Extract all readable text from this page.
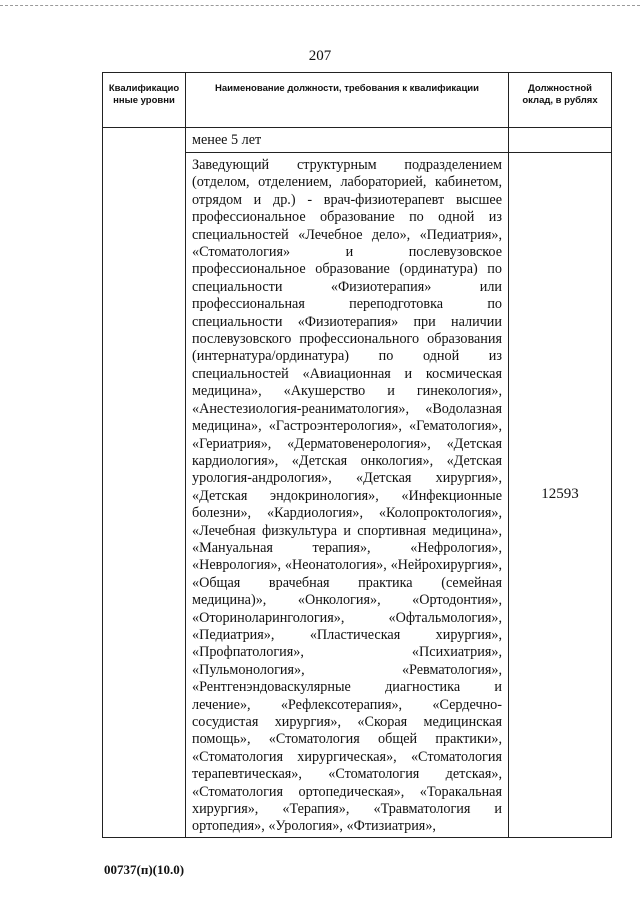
207
Квалификацио нные уровни	Наименование должности, требования к квалификации	Должностной оклад, в рублях

	менее 5 лет	

	Заведующий структурным подразделением (отделом, отделением, лабораторией, кабинетом, отрядом и др.) - врач-физиотерапевт высшее профессиональное образование по одной из специальностей «Лечебное дело», «Педиатрия», «Стоматология» и послевузовское профессиональное образование (ординатура) по специальности «Физиотерапия» или профессиональная переподготовка по специальности «Физиотерапия» при наличии послевузовского профессионального образования (интернатура/ординатура) по одной из специальностей «Авиационная и космическая медицина», «Акушерство и гинекология», «Анестезиология-реаниматология», «Водолазная медицина», «Гастроэнтерология», «Гематология», «Гериатрия», «Дерматовенерология», «Детская кардиология», «Детская онкология», «Детская урология-андрология», «Детская хирургия», «Детская эндокринология», «Инфекционные болезни», «Кардиология», «Колопроктология», «Лечебная физкультура и спортивная медицина», «Мануальная терапия», «Нефрология», «Неврология», «Неонатология», «Нейрохирургия», «Общая врачебная практика (семейная медицина)», «Онкология», «Ортодонтия», «Оториноларингология», «Офтальмология», «Педиатрия», «Пластическая хирургия», «Профпатология», «Психиатрия», «Пульмонология», «Ревматология», «Рентгенэндоваскулярные диагностика и лечение», «Рефлексотерапия», «Сердечно-сосудистая хирургия», «Скорая медицинская помощь», «Стоматология общей практики», «Стоматология хирургическая», «Стоматология терапевтическая», «Стоматология детская», «Стоматология ортопедическая», «Торакальная хирургия», «Терапия», «Травматология и ортопедия», «Урология», «Фтизиатрия»,	12593
00737(п)(10.0)
